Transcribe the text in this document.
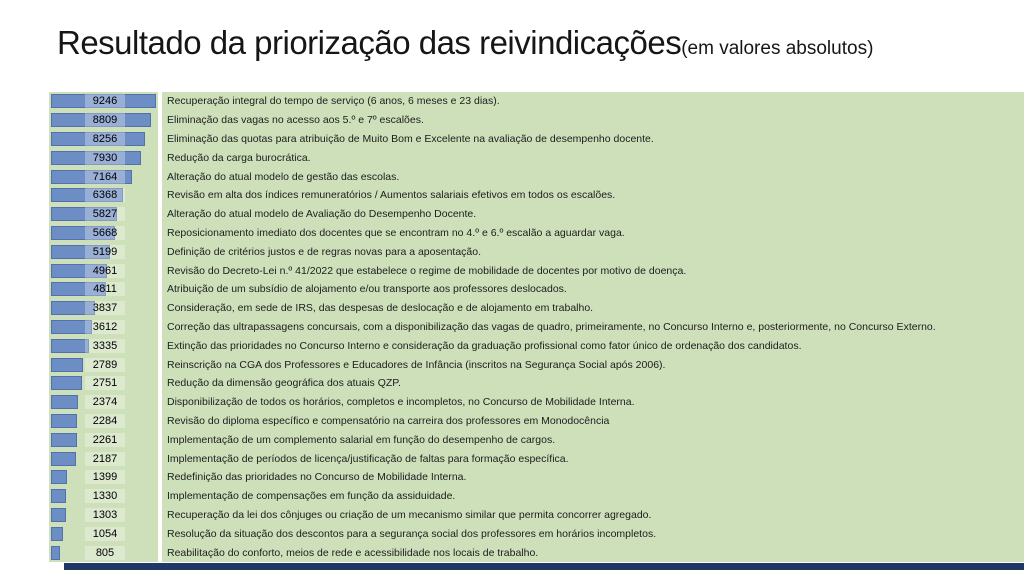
Resultado da priorização das reivindicações(em valores absolutos)
9246
8809
8256
7930
7164
6368
5827
5668
5199
4961
4811
3837
3612
3335
2789
2751
2374
2284
2261
2187
1399
1330
1303
1054
805
Recuperação integral do tempo de serviço (6 anos, 6 meses e 23 dias).
Eliminação das vagas no acesso aos 5.º e 7º escalões.
Eliminação das quotas para atribuição de Muito Bom e Excelente na avaliação de desempenho docente.
Redução da carga burocrática.
Alteração do atual modelo de gestão das escolas.
Revisão em alta dos índices remuneratórios / Aumentos salariais efetivos em todos os escalões.
Alteração do atual modelo de Avaliação do Desempenho Docente.
Reposicionamento imediato dos docentes que se encontram no 4.º e 6.º escalão a aguardar vaga.
Definição de critérios justos e de regras novas para a aposentação.
Revisão do Decreto-Lei n.º 41/2022 que estabelece o regime de mobilidade de docentes por motivo de doença.
Atribuição de um subsídio de alojamento e/ou transporte aos professores deslocados.
Consideração, em sede de IRS, das despesas de deslocação e de alojamento em trabalho.
Correção das ultrapassagens concursais, com a disponibilização das vagas de quadro, primeiramente, no Concurso Interno e, posteriormente, no Concurso Externo.
Extinção das prioridades no Concurso Interno e consideração da graduação profissional como fator único de ordenação dos candidatos.
Reinscrição na CGA dos Professores e Educadores de Infância (inscritos na Segurança Social após 2006).
Redução da dimensão geográfica dos atuais QZP.
Disponibilização de todos os horários, completos e incompletos, no Concurso de Mobilidade Interna.
Revisão do diploma específico e compensatório na carreira dos professores em Monodocência
Implementação de um complemento salarial em função do desempenho de cargos.
Implementação de períodos de licença/justificação de faltas para formação específica.
Redefinição das prioridades no Concurso de Mobilidade Interna.
Implementação de compensações em função da assiduidade.
Recuperação da lei dos cônjuges ou criação de um mecanismo similar que permita concorrer agregado.
Resolução da situação dos descontos para a segurança social dos professores em horários incompletos.
Reabilitação do conforto, meios de rede e acessibilidade nos locais de trabalho.
